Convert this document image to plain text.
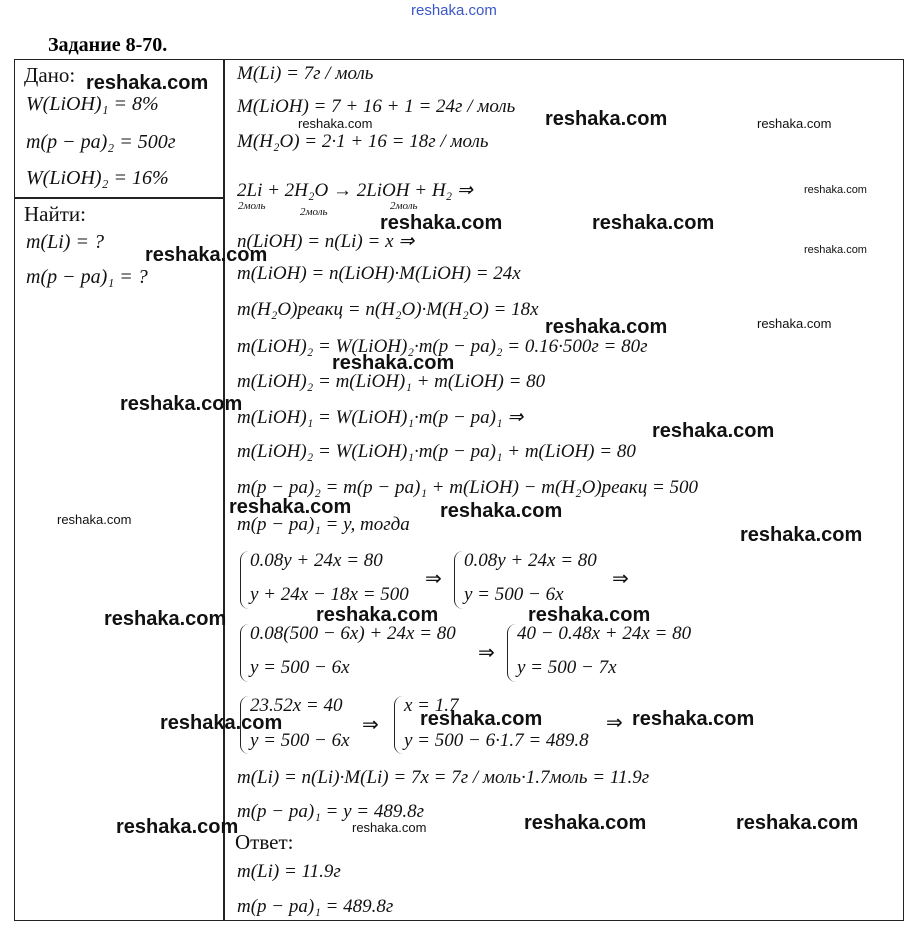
reshaka.com
Задание 8-70.
Дано:
W(LiOH)₁ = 8%
m(p − pa)₂ = 500г
W(LiOH)₂ = 16%
Найти:
m(Li) = ?
m(p − pa)₁ = ?
M(Li) = 7г / моль
M(LiOH) = 7 + 16 + 1 = 24г / моль
M(H₂O) = 2·1 + 16 = 18г / моль
2Li + 2H₂O → 2LiOH + H₂ ⇒
2моль	2моль	2моль
n(LiOH) = n(Li) = x ⇒
m(LiOH) = n(LiOH)·M(LiOH) = 24x
m(H₂O)реакц = n(H₂O)·M(H₂O) = 18x
m(LiOH)₂ = W(LiOH)₂·m(p − pa)₂ = 0.16·500г = 80г
m(LiOH)₂ = m(LiOH)₁ + m(LiOH) = 80
m(LiOH)₁ = W(LiOH)₁·m(p − pa)₁ ⇒
m(LiOH)₂ = W(LiOH)₁·m(p − pa)₁ + m(LiOH) = 80
m(p − pa)₂ = m(p − pa)₁ + m(LiOH) − m(H₂O)реакц = 500
m(p − pa)₁ = y, тогда
0.08y + 24x = 80
y + 24x − 18x = 500
⇒
0.08y + 24x = 80
y = 500 − 6x
⇒
0.08(500 − 6x) + 24x = 80
y = 500 − 6x
⇒
40 − 0.48x + 24x = 80
y = 500 − 7x
23.52x = 40
y = 500 − 6x
⇒
x = 1.7
y = 500 − 6·1.7 = 489.8
⇒
m(Li) = n(Li)·M(Li) = 7x = 7г / моль·1.7моль = 11.9г
m(p − pa)₁ = y = 489.8г
Ответ:
m(Li) = 11.9г
m(p − pa)₁ = 489.8г
reshaka.com
reshaka.com	reshaka.com	reshaka.com
reshaka.com
reshaka.com	reshaka.com
reshaka.com	reshaka.com
reshaka.com	reshaka.com
reshaka.com
reshaka.com
reshaka.com
reshaka.com	reshaka.com
reshaka.com
reshaka.com
reshaka.com	reshaka.com
reshaka.com
reshaka.com	reshaka.com	reshaka.com
reshaka.com	reshaka.com	reshaka.com	reshaka.com
